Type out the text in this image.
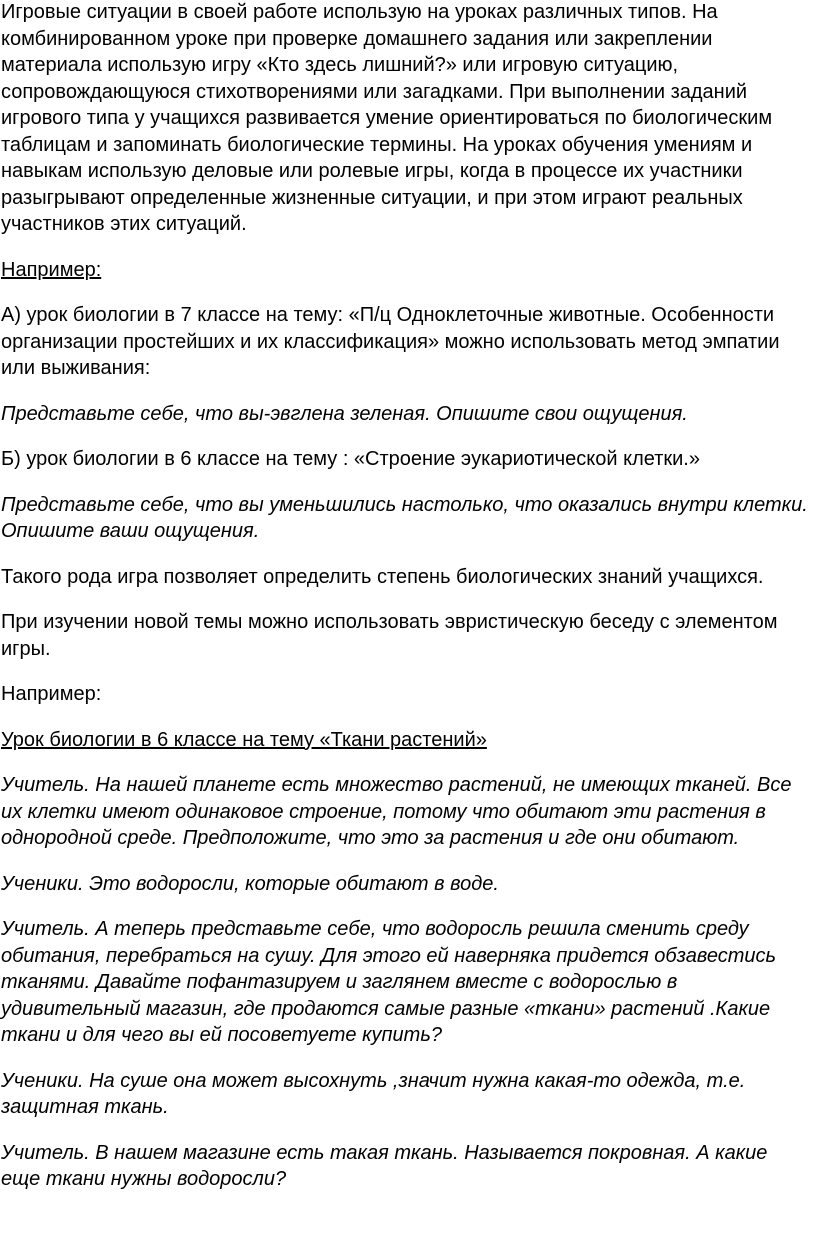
Игровые ситуации в своей работе использую на уроках различных типов. На комбинированном уроке при проверке домашнего задания или закреплении материала использую игру «Кто здесь лишний?» или игровую ситуацию, сопровождающуюся стихотворениями или загадками. При выполнении заданий игрового типа у учащихся развивается умение ориентироваться по биологическим таблицам и запоминать биологические термины. На уроках обучения умениям и навыкам использую деловые или ролевые игры, когда в процессе их участники разыгрывают определенные жизненные ситуации, и при этом играют реальных участников этих ситуаций.

Например:

А) урок биологии в 7 классе на тему: «П/ц Одноклеточные животные. Особенности организации простейших и их классификация» можно использовать метод эмпатии или выживания:

Представьте себе, что вы-эвглена зеленая. Опишите свои ощущения.

Б) урок биологии в 6 классе на тему : «Строение эукариотической клетки.»

Представьте себе, что вы уменьшились настолько, что оказались внутри клетки. Опишите ваши ощущения.

Такого рода игра позволяет определить степень биологических знаний учащихся.

При изучении новой темы можно использовать эвристическую беседу с элементом игры.

Например:

Урок биологии в 6 классе на тему «Ткани растений»

Учитель. На нашей планете есть множество растений, не имеющих тканей. Все их клетки имеют одинаковое строение, потому что обитают эти растения в однородной среде. Предположите, что это за растения и где они обитают.

Ученики. Это водоросли, которые обитают в воде.

Учитель. А теперь представьте себе, что водоросль решила сменить среду обитания, перебраться на сушу. Для этого ей наверняка придется обзавестись тканями. Давайте пофантазируем и заглянем вместе с водорослью в удивительный магазин, где продаются самые разные «ткани» растений .Какие ткани и для чего вы ей посоветуете купить?

Ученики. На суше она может высохнуть ,значит нужна какая-то одежда, т.е. защитная ткань.

Учитель. В нашем магазине есть такая ткань. Называется покровная. А какие еще ткани нужны водоросли?
